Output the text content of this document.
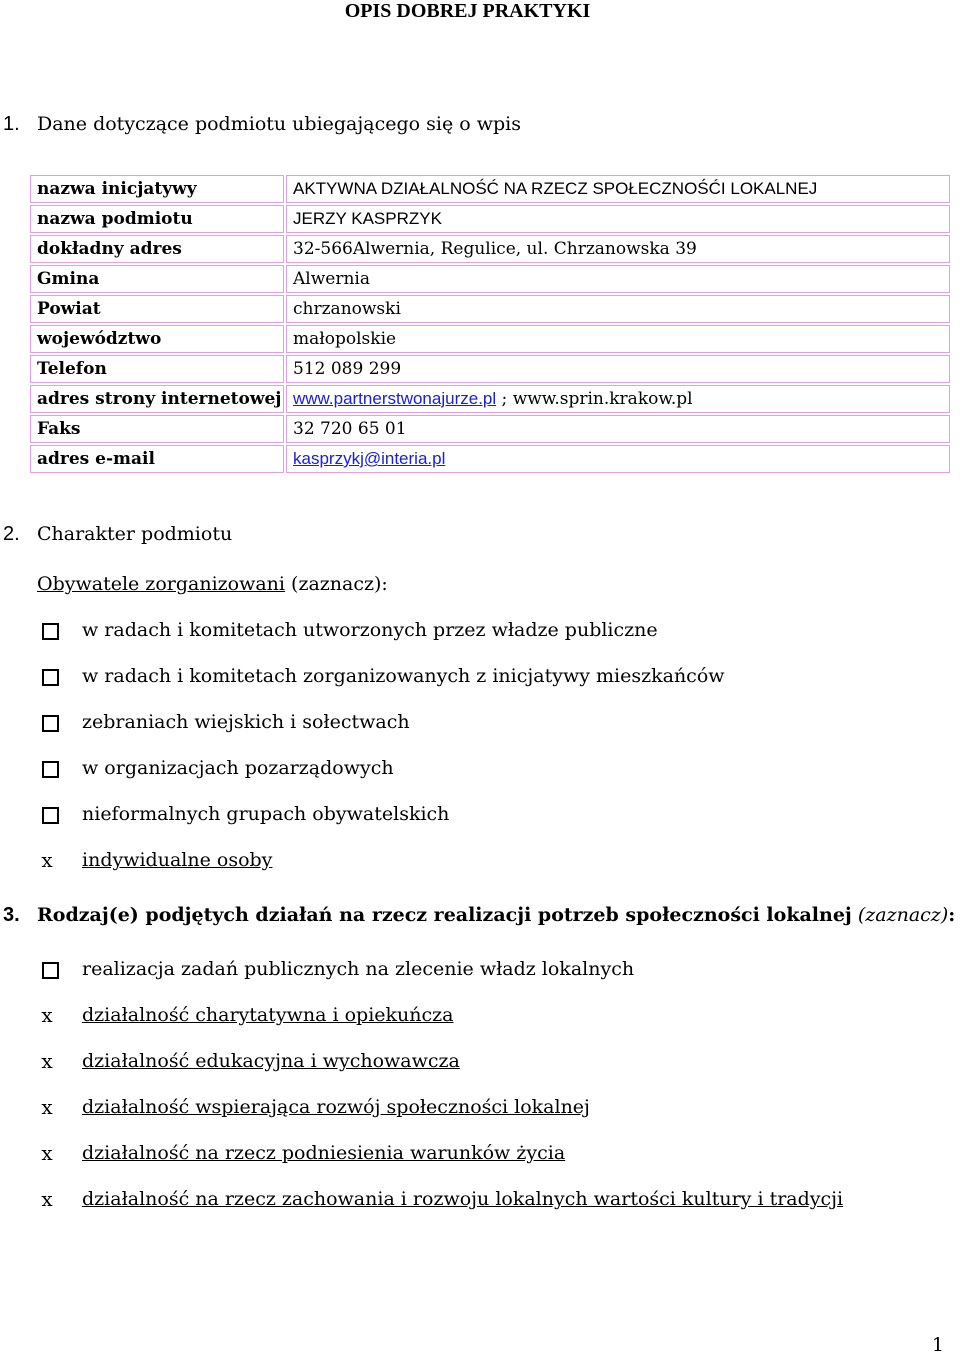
OPIS DOBREJ PRAKTYKI
1. Dane dotyczące podmiotu ubiegającego się o wpis
nazwa inicjatywy	AKTYWNA DZIAŁALNOŚĆ NA RZECZ SPOŁECZNOŚĆI LOKALNEJ
nazwa podmiotu	JERZY KASPRZYK
dokładny adres	32-566Alwernia, Regulice, ul. Chrzanowska 39
Gmina	Alwernia
Powiat	chrzanowski
województwo	małopolskie
Telefon	512 089 299
adres strony internetowej	www.partnerstwonajurze.pl ; www.sprin.krakow.pl
Faks	32 720 65 01
adres e-mail	kasprzykj@interia.pl
2. Charakter podmiotu
Obywatele zorganizowani (zaznacz):
w radach i komitetach utworzonych przez władze publiczne
w radach i komitetach zorganizowanych z inicjatywy mieszkańców
zebraniach wiejskich i sołectwach
w organizacjach pozarządowych
nieformalnych grupach obywatelskich
x indywidualne osoby
3. Rodzaj(e) podjętych działań na rzecz realizacji potrzeb społeczności lokalnej (zaznacz):
realizacja zadań publicznych na zlecenie władz lokalnych
x działalność charytatywna i opiekuńcza
x działalność edukacyjna i wychowawcza
x działalność wspierająca rozwój społeczności lokalnej
x działalność na rzecz podniesienia warunków życia
x działalność na rzecz zachowania i rozwoju lokalnych wartości kultury i tradycji
1
